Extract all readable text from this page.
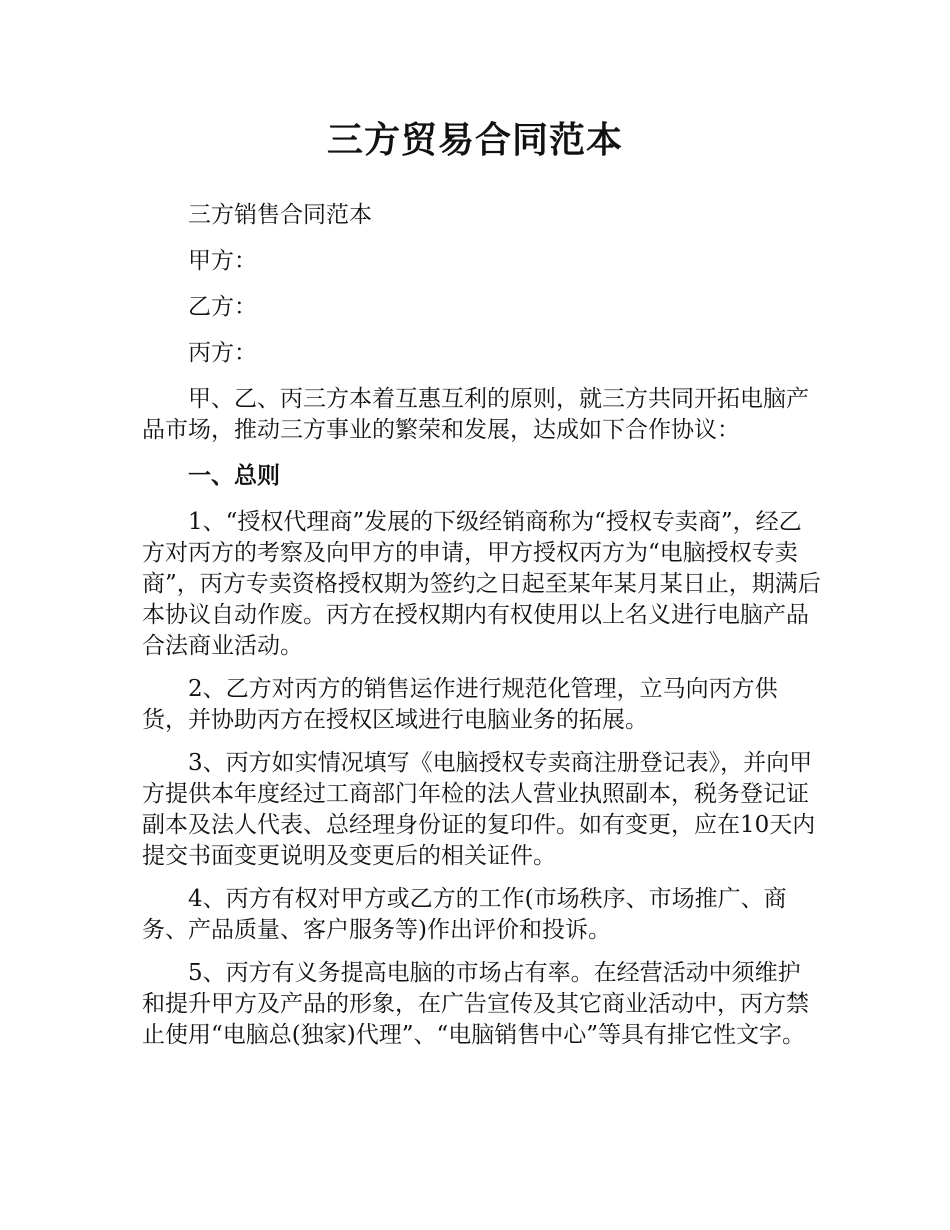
三方贸易合同范本

三方销售合同范本

甲方：

乙方：

丙方：

甲、乙、丙三方本着互惠互利的原则，就三方共同开拓电脑产品市场，推动三方事业的繁荣和发展，达成如下合作协议：

一、总则

1、“授权代理商”发展的下级经销商称为“授权专卖商”，经乙方对丙方的考察及向甲方的申请，甲方授权丙方为“电脑授权专卖商”，丙方专卖资格授权期为签约之日起至某年某月某日止，期满后本协议自动作废。丙方在授权期内有权使用以上名义进行电脑产品合法商业活动。

2、乙方对丙方的销售运作进行规范化管理，立马向丙方供货，并协助丙方在授权区域进行电脑业务的拓展。

3、丙方如实情况填写《电脑授权专卖商注册登记表》，并向甲方提供本年度经过工商部门年检的法人营业执照副本，税务登记证副本及法人代表、总经理身份证的复印件。如有变更，应在10天内提交书面变更说明及变更后的相关证件。

4、丙方有权对甲方或乙方的工作(市场秩序、市场推广、商务、产品质量、客户服务等)作出评价和投诉。

5、丙方有义务提高电脑的市场占有率。在经营活动中须维护和提升甲方及产品的形象，在广告宣传及其它商业活动中，丙方禁止使用“电脑总(独家)代理”、“电脑销售中心”等具有排它性文字。
